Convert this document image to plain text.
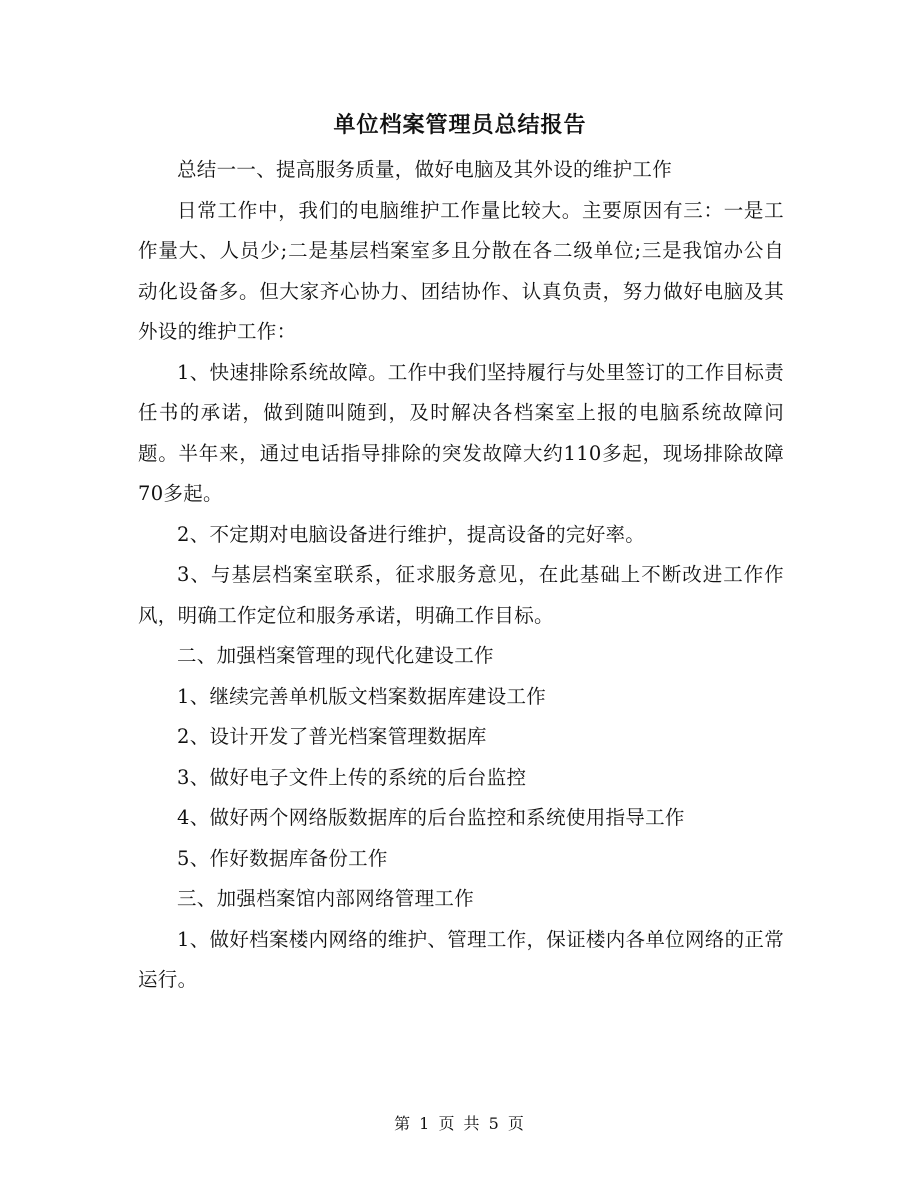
单位档案管理员总结报告

总结一一、提高服务质量，做好电脑及其外设的维护工作

日常工作中，我们的电脑维护工作量比较大。主要原因有三：一是工作量大、人员少;二是基层档案室多且分散在各二级单位;三是我馆办公自动化设备多。但大家齐心协力、团结协作、认真负责，努力做好电脑及其外设的维护工作：

1、快速排除系统故障。工作中我们坚持履行与处里签订的工作目标责任书的承诺，做到随叫随到，及时解决各档案室上报的电脑系统故障问题。半年来，通过电话指导排除的突发故障大约110多起，现场排除故障70多起。

2、不定期对电脑设备进行维护，提高设备的完好率。

3、与基层档案室联系，征求服务意见，在此基础上不断改进工作作风，明确工作定位和服务承诺，明确工作目标。

二、加强档案管理的现代化建设工作

1、继续完善单机版文档案数据库建设工作

2、设计开发了普光档案管理数据库

3、做好电子文件上传的系统的后台监控

4、做好两个网络版数据库的后台监控和系统使用指导工作

5、作好数据库备份工作

三、加强档案馆内部网络管理工作

1、做好档案楼内网络的维护、管理工作，保证楼内各单位网络的正常运行。

第 1 页 共 5 页
